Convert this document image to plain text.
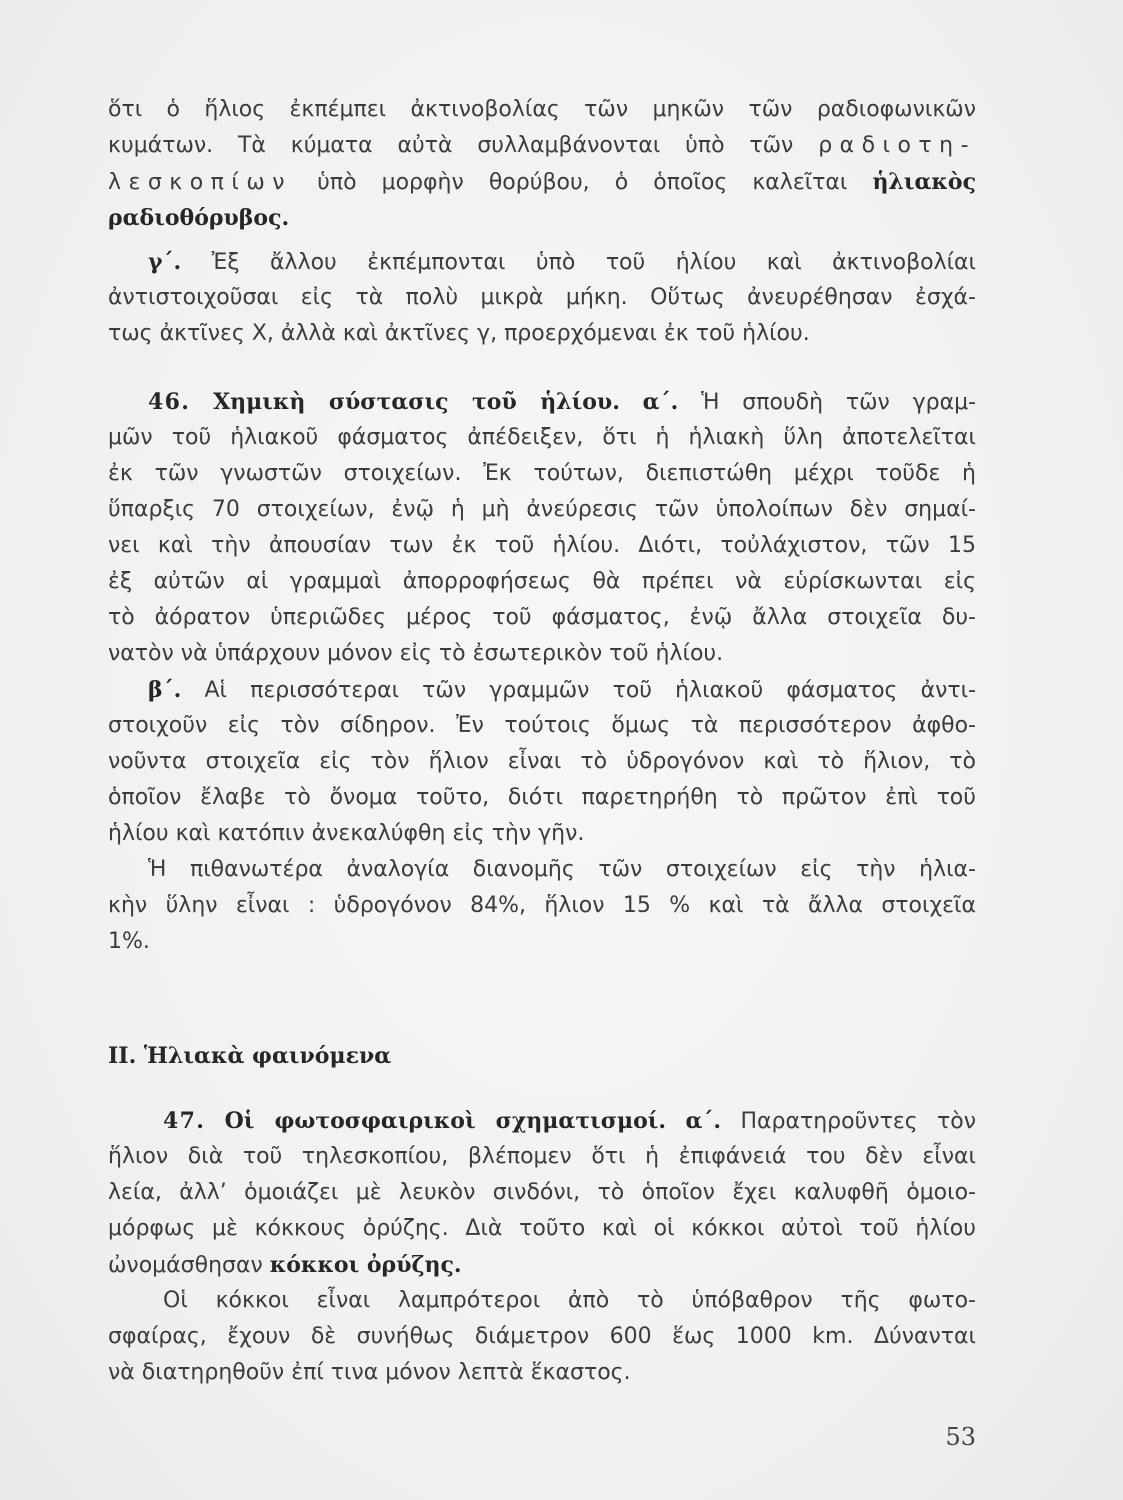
ὅτι ὁ ἥλιος ἐκπέμπει ἀκτινοβολίας τῶν μηκῶν τῶν ραδιοφωνικῶν
κυμάτων. Τὰ κύματα αὐτὰ συλλαμβάνονται ὑπὸ τῶν ραδιοτη-
λεσκοπίων ὑπὸ μορφὴν θορύβου, ὁ ὁποῖος καλεῖται ἡλιακὸς
ραδιοθόρυβος.
γ΄. Ἐξ ἄλλου ἐκπέμπονται ὑπὸ τοῦ ἡλίου καὶ ἀκτινοβολίαι
ἀντιστοιχοῦσαι εἰς τὰ πολὺ μικρὰ μήκη. Οὕτως ἀνευρέθησαν ἐσχά-
τως ἀκτῖνες Χ, ἀλλὰ καὶ ἀκτῖνες γ, προερχόμεναι ἐκ τοῦ ἡλίου.
46. Χημικὴ σύστασις τοῦ ἡλίου. α΄. Ἡ σπουδὴ τῶν γραμ-
μῶν τοῦ ἡλιακοῦ φάσματος ἀπέδειξεν, ὅτι ἡ ἡλιακὴ ὕλη ἀποτελεῖται
ἐκ τῶν γνωστῶν στοιχείων. Ἐκ τούτων, διεπιστώθη μέχρι τοῦδε ἡ
ὕπαρξις 70 στοιχείων, ἐνῷ ἡ μὴ ἀνεύρεσις τῶν ὑπολοίπων δὲν σημαί-
νει καὶ τὴν ἀπουσίαν των ἐκ τοῦ ἡλίου. Διότι, τοὐλάχιστον, τῶν 15
ἐξ αὐτῶν αἱ γραμμαὶ ἀπορροφήσεως θὰ πρέπει νὰ εὑρίσκωνται εἰς
τὸ ἀόρατον ὑπεριῶδες μέρος τοῦ φάσματος, ἐνῷ ἄλλα στοιχεῖα δυ-
νατὸν νὰ ὑπάρχουν μόνον εἰς τὸ ἐσωτερικὸν τοῦ ἡλίου.
β΄. Αἱ περισσότεραι τῶν γραμμῶν τοῦ ἡλιακοῦ φάσματος ἀντι-
στοιχοῦν εἰς τὸν σίδηρον. Ἐν τούτοις ὅμως τὰ περισσότερον ἀφθο-
νοῦντα στοιχεῖα εἰς τὸν ἥλιον εἶναι τὸ ὑδρογόνον καὶ τὸ ἥλιον, τὸ
ὁποῖον ἔλαβε τὸ ὄνομα τοῦτο, διότι παρετηρήθη τὸ πρῶτον ἐπὶ τοῦ
ἡλίου καὶ κατόπιν ἀνεκαλύφθη εἰς τὴν γῆν.
Ἡ πιθανωτέρα ἀναλογία διανομῆς τῶν στοιχείων εἰς τὴν ἡλια-
κὴν ὕλην εἶναι : ὑδρογόνον 84%, ἥλιον 15 % καὶ τὰ ἄλλα στοιχεῖα
1%.
II. Ἡλιακὰ φαινόμενα
47. Οἱ φωτοσφαιρικοὶ σχηματισμοί. α΄. Παρατηροῦντες τὸν
ἥλιον διὰ τοῦ τηλεσκοπίου, βλέπομεν ὅτι ἡ ἐπιφάνειά του δὲν εἶναι
λεία, ἀλλ’ ὁμοιάζει μὲ λευκὸν σινδόνι, τὸ ὁποῖον ἔχει καλυφθῆ ὁμοιο-
μόρφως μὲ κόκκους ὀρύζης. Διὰ τοῦτο καὶ οἱ κόκκοι αὐτοὶ τοῦ ἡλίου
ὠνομάσθησαν κόκκοι ὀρύζης.
Οἱ κόκκοι εἶναι λαμπρότεροι ἀπὸ τὸ ὑπόβαθρον τῆς φωτο-
σφαίρας, ἔχουν δὲ συνήθως διάμετρον 600 ἕως 1000 km. Δύνανται
νὰ διατηρηθοῦν ἐπί τινα μόνον λεπτὰ ἕκαστος.
53
